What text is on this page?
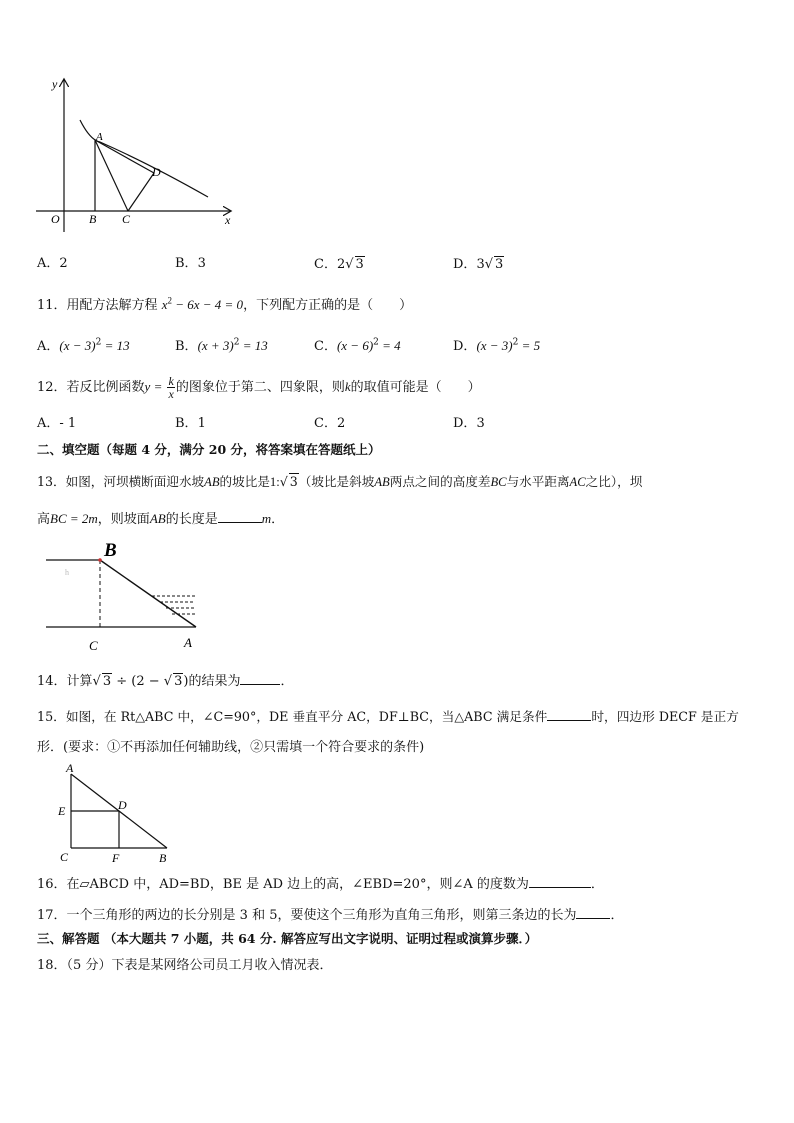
y
x
O
A
B C
D
A．2	B．3	C．2√ 3	D．3√ 3
11．用配方法解方程 $x^2 - 6x - 4 = 0$，下列配方正确的是（　　）
A．$(x - 3)^2 = 13$	B．$(x + 3)^2 = 13$	C．$(x - 6)^2 = 4$	D．$(x - 3)^2 = 5$
12．若反比例函数$y = \frac{k}{x}$ 的图象位于第二、四象限，则k的取值可能是（　　）
A．- 1	B．1	C．2	D．3
二、填空题（每题 4 分，满分 20 分，将答案填在答题纸上）
13．如图，河坝横断面迎水坡AB的坡比是1:√ 3（坡比是斜坡AB两点之间的高度差BC与水平距离AC之比），坝
高BC = 2m，则坡面AB的长度是	m．
B
h
C	A
14．计算√ 3 ÷ (2 − √ 3)的结果为	．
15．如图，在 Rt△ABC 中，∠C=90°，DE 垂直平分 AC，DF⊥BC，当△ABC 满足条件	时，四边形 DECF 是正方
形．(要求：①不再添加任何辅助线，②只需填一个符合要求的条件)
A
E	D
C	F	B
16．在▱ABCD 中，AD=BD，BE 是 AD 边上的高，∠EBD=20°，则∠A 的度数为	．
17．一个三角形的两边的长分别是 3 和 5，要使这个三角形为直角三角形，则第三条边的长为	．
三、解答题 （本大题共 7 小题，共 64 分. 解答应写出文字说明、证明过程或演算步骤．）
18．（5 分）下表是某网络公司员工月收入情况表．
